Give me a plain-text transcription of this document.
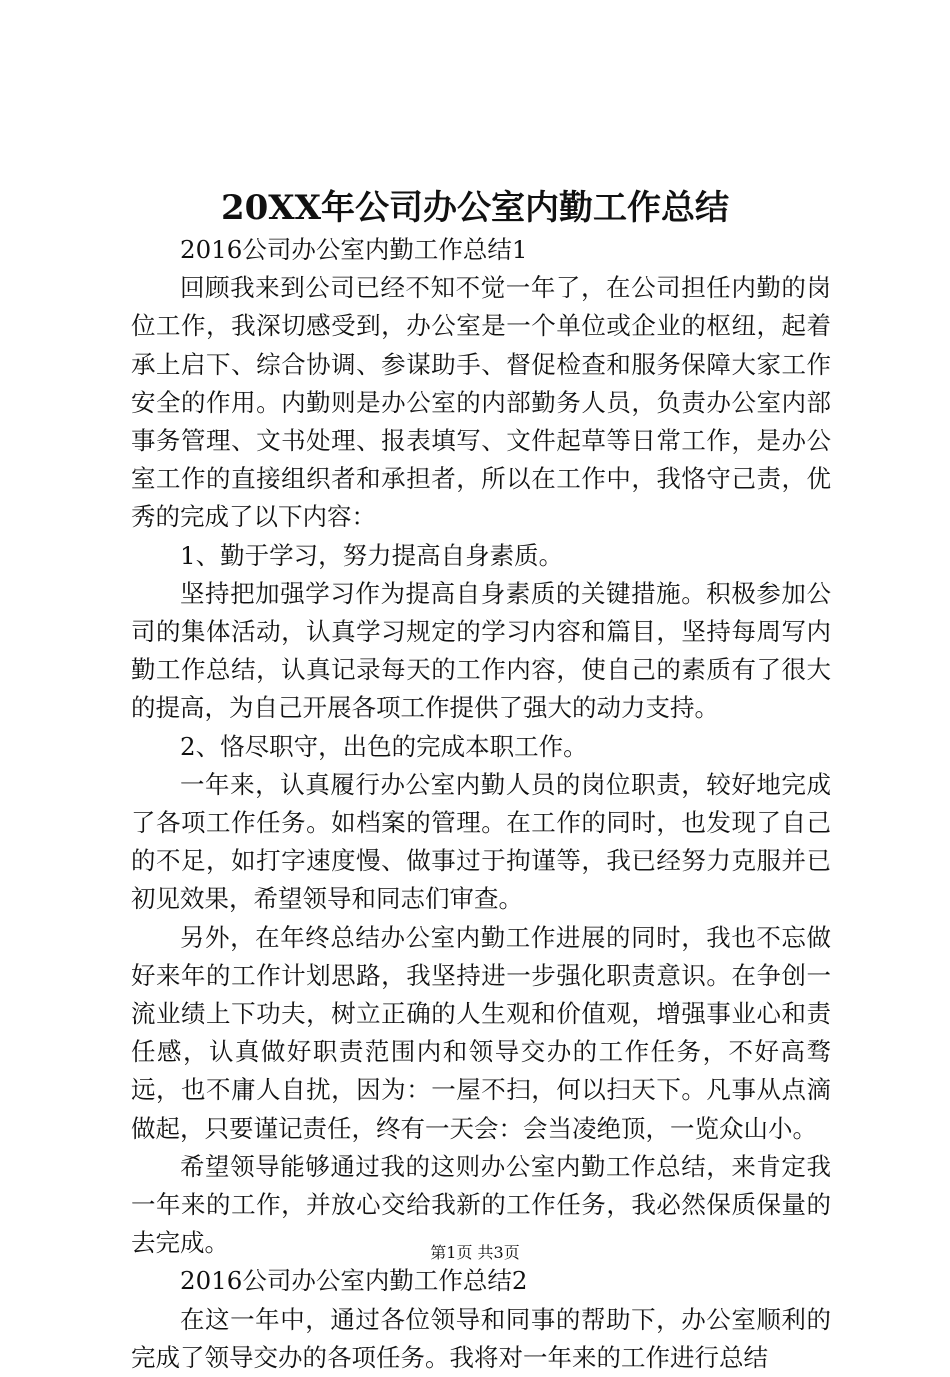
20XX年公司办公室内勤工作总结

2016公司办公室内勤工作总结1

回顾我来到公司已经不知不觉一年了，在公司担任内勤的岗位工作，我深切感受到，办公室是一个单位或企业的枢纽，起着承上启下、综合协调、参谋助手、督促检查和服务保障大家工作安全的作用。内勤则是办公室的内部勤务人员，负责办公室内部事务管理、文书处理、报表填写、文件起草等日常工作，是办公室工作的直接组织者和承担者，所以在工作中，我恪守己责，优秀的完成了以下内容：

1、勤于学习，努力提高自身素质。

坚持把加强学习作为提高自身素质的关键措施。积极参加公司的集体活动，认真学习规定的学习内容和篇目，坚持每周写内勤工作总结，认真记录每天的工作内容，使自己的素质有了很大的提高，为自己开展各项工作提供了强大的动力支持。

2、恪尽职守，出色的完成本职工作。

一年来，认真履行办公室内勤人员的岗位职责，较好地完成了各项工作任务。如档案的管理。在工作的同时，也发现了自己的不足，如打字速度慢、做事过于拘谨等，我已经努力克服并已初见效果，希望领导和同志们审查。

另外，在年终总结办公室内勤工作进展的同时，我也不忘做好来年的工作计划思路，我坚持进一步强化职责意识。在争创一流业绩上下功夫，树立正确的人生观和价值观，增强事业心和责任感，认真做好职责范围内和领导交办的工作任务，不好高骛远，也不庸人自扰，因为：一屋不扫，何以扫天下。凡事从点滴做起，只要谨记责任，终有一天会：会当凌绝顶，一览众山小。

希望领导能够通过我的这则办公室内勤工作总结，来肯定我一年来的工作，并放心交给我新的工作任务，我必然保质保量的去完成。

2016公司办公室内勤工作总结2

在这一年中，通过各位领导和同事的帮助下，办公室顺利的完成了领导交办的各项任务。我将对一年来的工作进行总结

第1页 共3页
